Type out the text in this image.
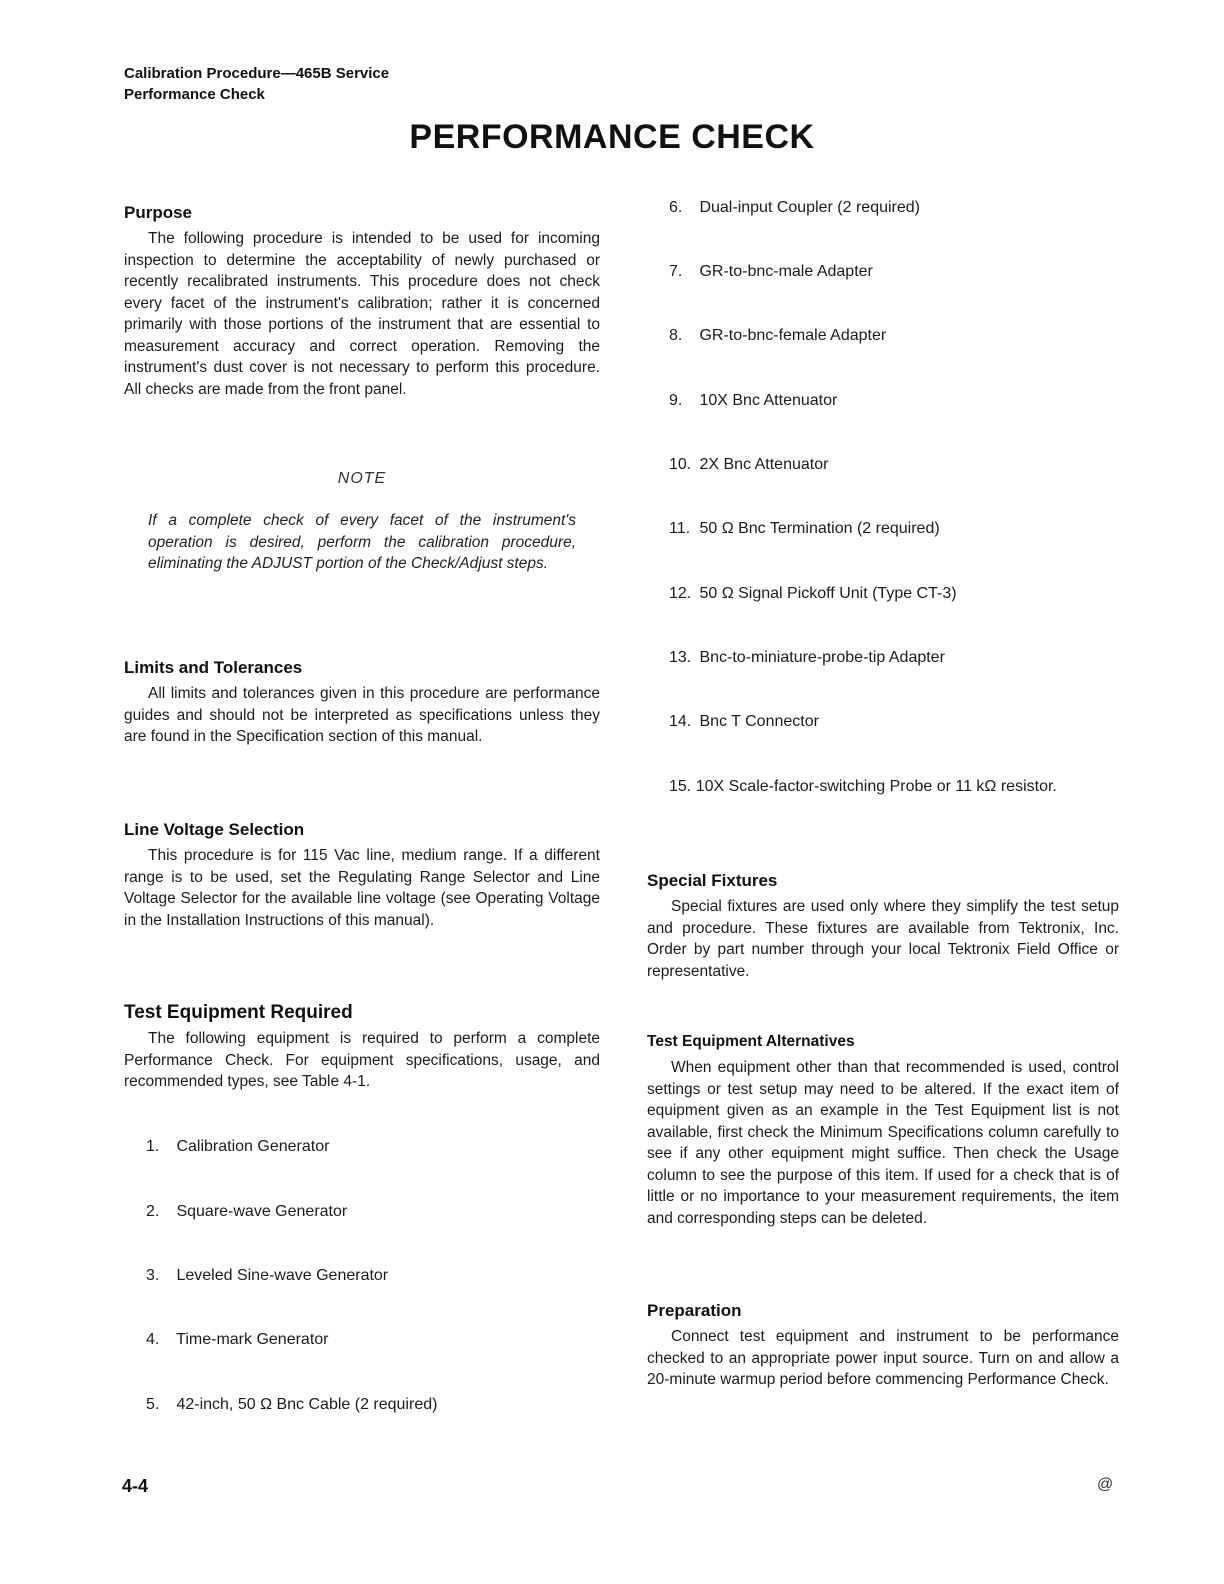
Calibration Procedure—465B Service
Performance Check
PERFORMANCE CHECK
Purpose

The following procedure is intended to be used for incoming inspection to determine the acceptability of newly purchased or recently recalibrated instruments. This procedure does not check every facet of the instrument's calibration; rather it is concerned primarily with those portions of the instrument that are essential to measurement accuracy and correct operation. Removing the instrument's dust cover is not necessary to perform this procedure. All checks are made from the front panel.

NOTE

If a complete check of every facet of the instrument's operation is desired, perform the calibration procedure, eliminating the ADJUST portion of the Check/Adjust steps.

Limits and Tolerances

All limits and tolerances given in this procedure are performance guides and should not be interpreted as specifications unless they are found in the Specification section of this manual.

Line Voltage Selection

This procedure is for 115 Vac line, medium range. If a different range is to be used, set the Regulating Range Selector and Line Voltage Selector for the available line voltage (see Operating Voltage in the Installation Instructions of this manual).

Test Equipment Required

The following equipment is required to perform a complete Performance Check. For equipment specifications, usage, and recommended types, see Table 4-1.

1. Calibration Generator
2. Square-wave Generator
3. Leveled Sine-wave Generator
4. Time-mark Generator
5. 42-inch, 50 Ω Bnc Cable (2 required)
6. Dual-input Coupler (2 required)
7. GR-to-bnc-male Adapter
8. GR-to-bnc-female Adapter
9. 10X Bnc Attenuator
10. 2X Bnc Attenuator
11. 50 Ω Bnc Termination (2 required)
12. 50 Ω Signal Pickoff Unit (Type CT-3)
13. Bnc-to-miniature-probe-tip Adapter
14. Bnc T Connector
15. 10X Scale-factor-switching Probe or 11 kΩ resistor.
Special Fixtures

Special fixtures are used only where they simplify the test setup and procedure. These fixtures are available from Tektronix, Inc. Order by part number through your local Tektronix Field Office or representative.

Test Equipment Alternatives

When equipment other than that recommended is used, control settings or test setup may need to be altered. If the exact item of equipment given as an example in the Test Equipment list is not available, first check the Minimum Specifications column carefully to see if any other equipment might suffice. Then check the Usage column to see the purpose of this item. If used for a check that is of little or no importance to your measurement requirements, the item and corresponding steps can be deleted.

Preparation

Connect test equipment and instrument to be performance checked to an appropriate power input source. Turn on and allow a 20-minute warmup period before commencing Performance Check.

4-4	@
